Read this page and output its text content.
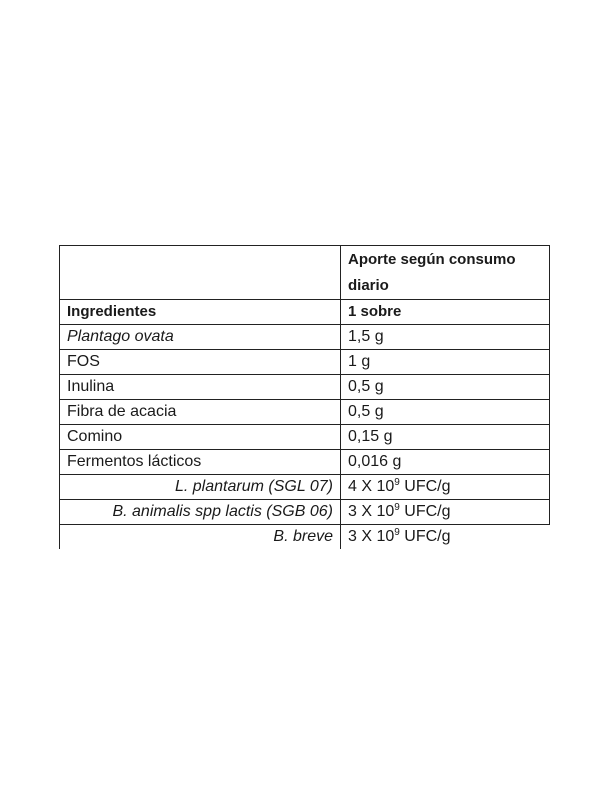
	Aporte según consumo diario
Ingredientes	1 sobre
Plantago ovata	1,5 g
FOS	1 g
Inulina	0,5 g
Fibra de acacia	0,5 g
Comino	0,15 g
Fermentos lácticos	0,016 g
L. plantarum (SGL 07)	4 X $10^9$ UFC/g
B. animalis spp lactis (SGB 06)	3 X $10^9$ UFC/g
B. breve	3 X $10^9$ UFC/g
